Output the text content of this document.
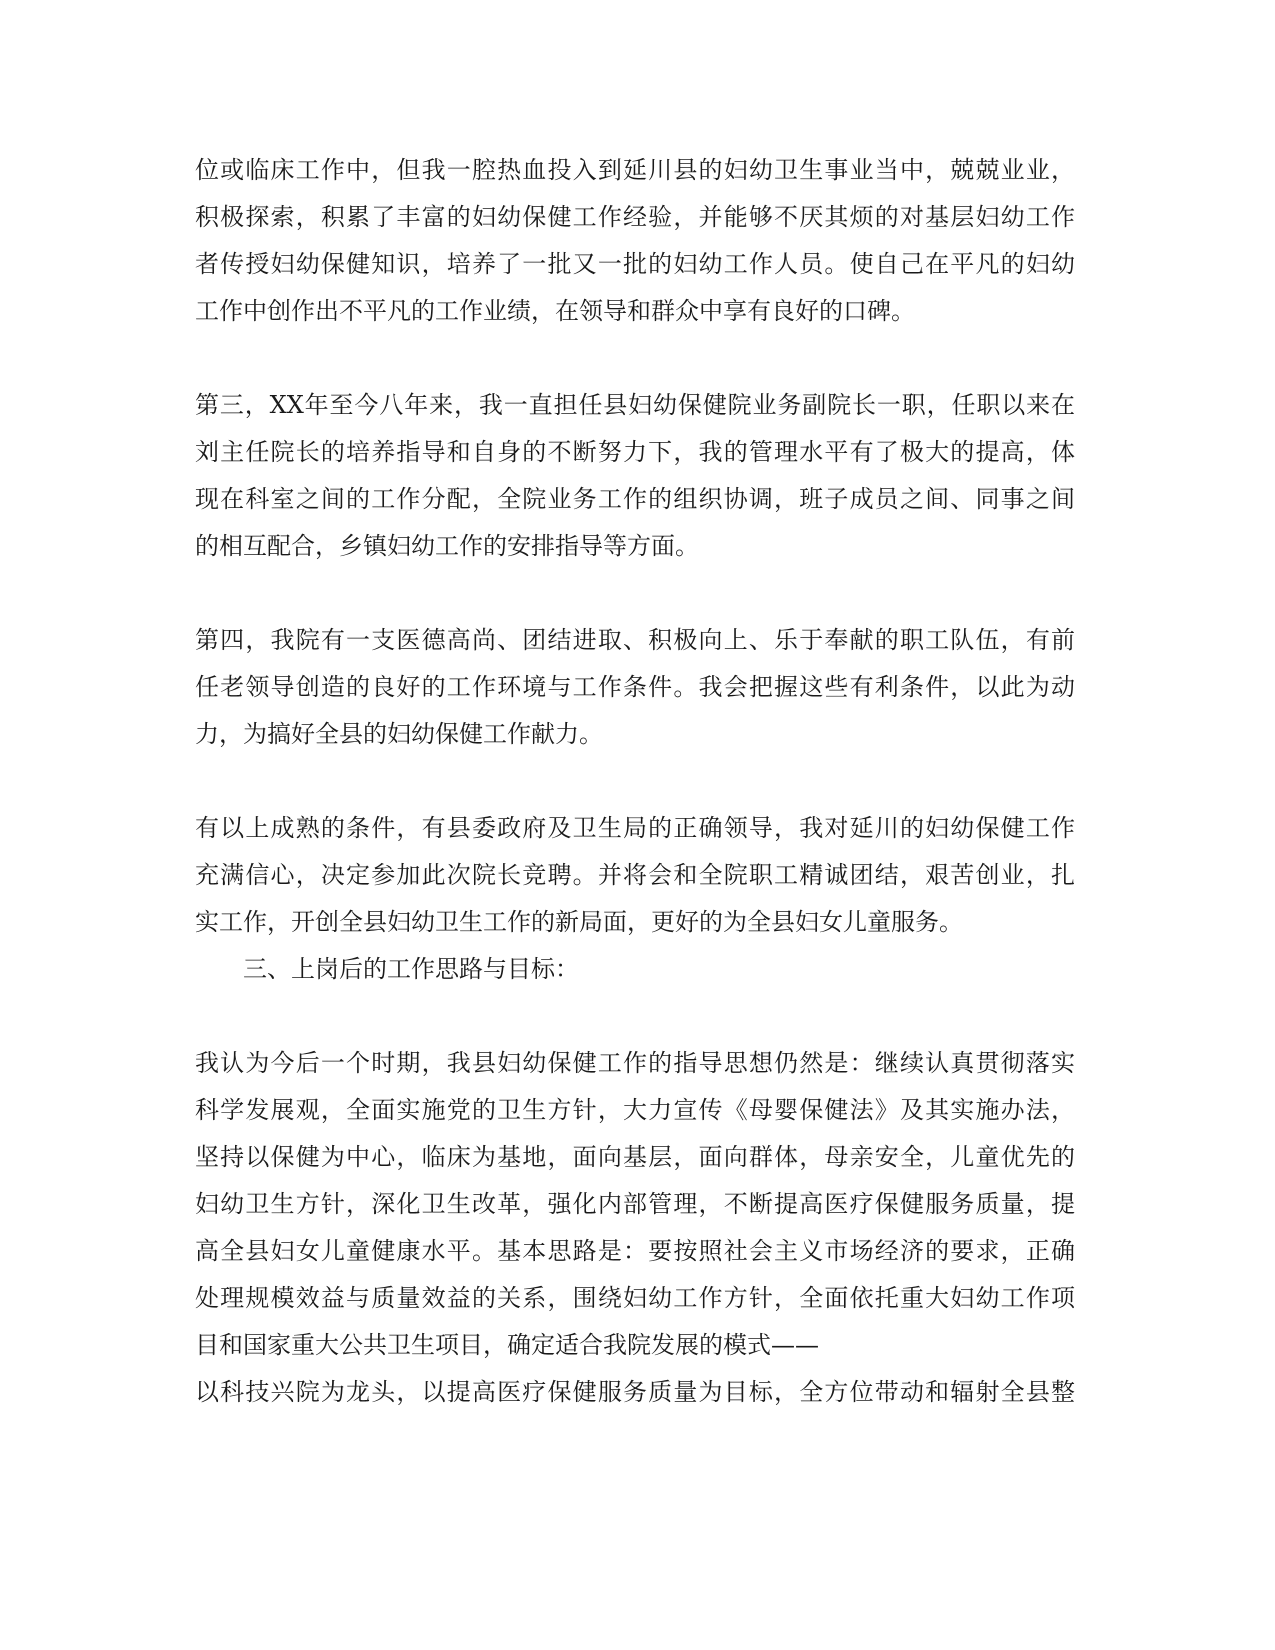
位或临床工作中，但我一腔热血投入到延川县的妇幼卫生事业当中，兢兢业业，
积极探索，积累了丰富的妇幼保健工作经验，并能够不厌其烦的对基层妇幼工作
者传授妇幼保健知识，培养了一批又一批的妇幼工作人员。使自己在平凡的妇幼
工作中创作出不平凡的工作业绩，在领导和群众中享有良好的口碑。
第三，XX年至今八年来，我一直担任县妇幼保健院业务副院长一职，任职以来在
刘主任院长的培养指导和自身的不断努力下，我的管理水平有了极大的提高，体
现在科室之间的工作分配，全院业务工作的组织协调，班子成员之间、同事之间
的相互配合，乡镇妇幼工作的安排指导等方面。
第四，我院有一支医德高尚、团结进取、积极向上、乐于奉献的职工队伍，有前
任老领导创造的良好的工作环境与工作条件。我会把握这些有利条件，以此为动
力，为搞好全县的妇幼保健工作献力。
有以上成熟的条件，有县委政府及卫生局的正确领导，我对延川的妇幼保健工作
充满信心，决定参加此次院长竞聘。并将会和全院职工精诚团结，艰苦创业，扎
实工作，开创全县妇幼卫生工作的新局面，更好的为全县妇女儿童服务。
三、上岗后的工作思路与目标：
我认为今后一个时期，我县妇幼保健工作的指导思想仍然是：继续认真贯彻落实
科学发展观，全面实施党的卫生方针，大力宣传《母婴保健法》及其实施办法，
坚持以保健为中心，临床为基地，面向基层，面向群体，母亲安全，儿童优先的
妇幼卫生方针，深化卫生改革，强化内部管理，不断提高医疗保健服务质量，提
高全县妇女儿童健康水平。基本思路是：要按照社会主义市场经济的要求，正确
处理规模效益与质量效益的关系，围绕妇幼工作方针，全面依托重大妇幼工作项
目和国家重大公共卫生项目，确定适合我院发展的模式——
以科技兴院为龙头，以提高医疗保健服务质量为目标，全方位带动和辐射全县整
